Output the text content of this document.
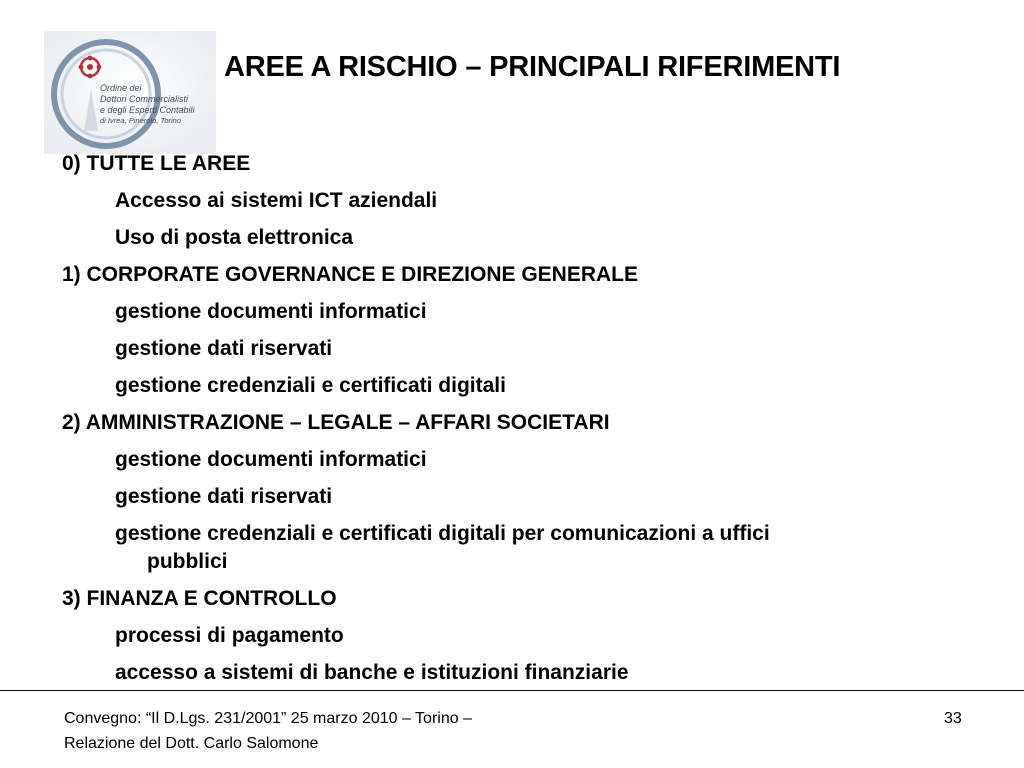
Ordine dei
Dottori Commercialisti
e degli Esperti Contabili
di Ivrea, Pinerolo, Torino
AREE A RISCHIO – PRINCIPALI RIFERIMENTI
0) TUTTE LE AREE
Accesso ai sistemi ICT aziendali
Uso di posta elettronica
1) CORPORATE GOVERNANCE E DIREZIONE GENERALE
gestione documenti informatici
gestione dati riservati
gestione credenziali e certificati digitali
2) AMMINISTRAZIONE – LEGALE – AFFARI SOCIETARI
gestione documenti informatici
gestione dati riservati
gestione credenziali e certificati digitali per comunicazioni a uffici
pubblici
3) FINANZA E CONTROLLO
processi di pagamento
accesso a sistemi di banche e istituzioni finanziarie
Convegno: “Il D.Lgs. 231/2001” 25 marzo 2010 – Torino –
Relazione del Dott. Carlo Salomone
33
